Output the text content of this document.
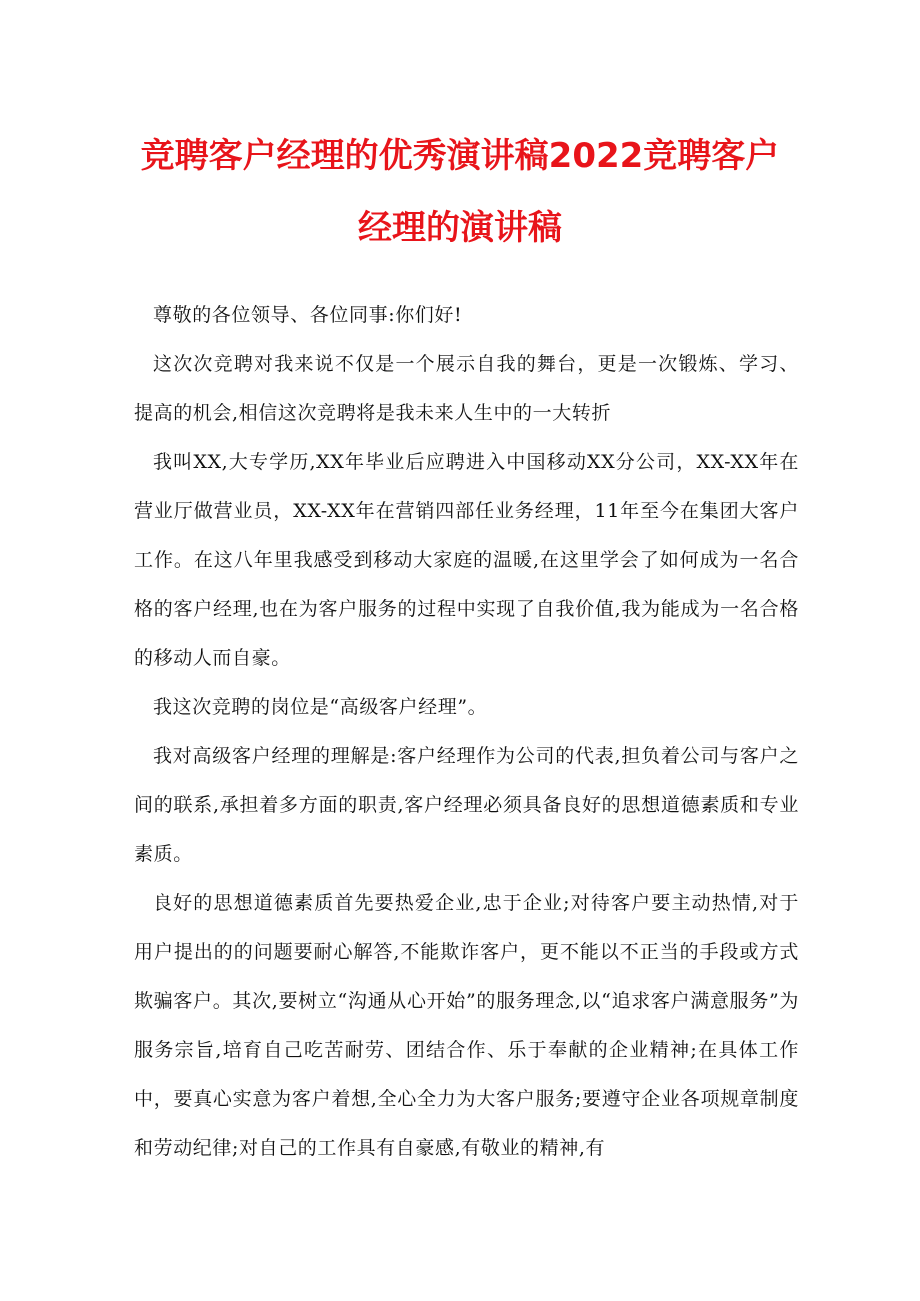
竞聘客户经理的优秀演讲稿2022竞聘客户
经理的演讲稿

尊敬的各位领导、各位同事:你们好!

这次次竞聘对我来说不仅是一个展示自我的舞台，更是一次锻炼、学习、提高的机会,相信这次竞聘将是我未来人生中的一大转折

我叫XX,大专学历,XX年毕业后应聘进入中国移动XX分公司，XX-XX年在营业厅做营业员，XX-XX年在营销四部任业务经理，11年至今在集团大客户工作。在这八年里我感受到移动大家庭的温暖,在这里学会了如何成为一名合格的客户经理,也在为客户服务的过程中实现了自我价值,我为能成为一名合格的移动人而自豪。

我这次竞聘的岗位是“高级客户经理”。

我对高级客户经理的理解是:客户经理作为公司的代表,担负着公司与客户之间的联系,承担着多方面的职责,客户经理必须具备良好的思想道德素质和专业素质。

良好的思想道德素质首先要热爱企业,忠于企业;对待客户要主动热情,对于用户提出的的问题要耐心解答,不能欺诈客户，更不能以不正当的手段或方式欺骗客户。其次,要树立“沟通从心开始”的服务理念,以“追求客户满意服务”为服务宗旨,培育自己吃苦耐劳、团结合作、乐于奉献的企业精神;在具体工作中，要真心实意为客户着想,全心全力为大客户服务;要遵守企业各项规章制度和劳动纪律;对自己的工作具有自豪感,有敬业的精神,有
